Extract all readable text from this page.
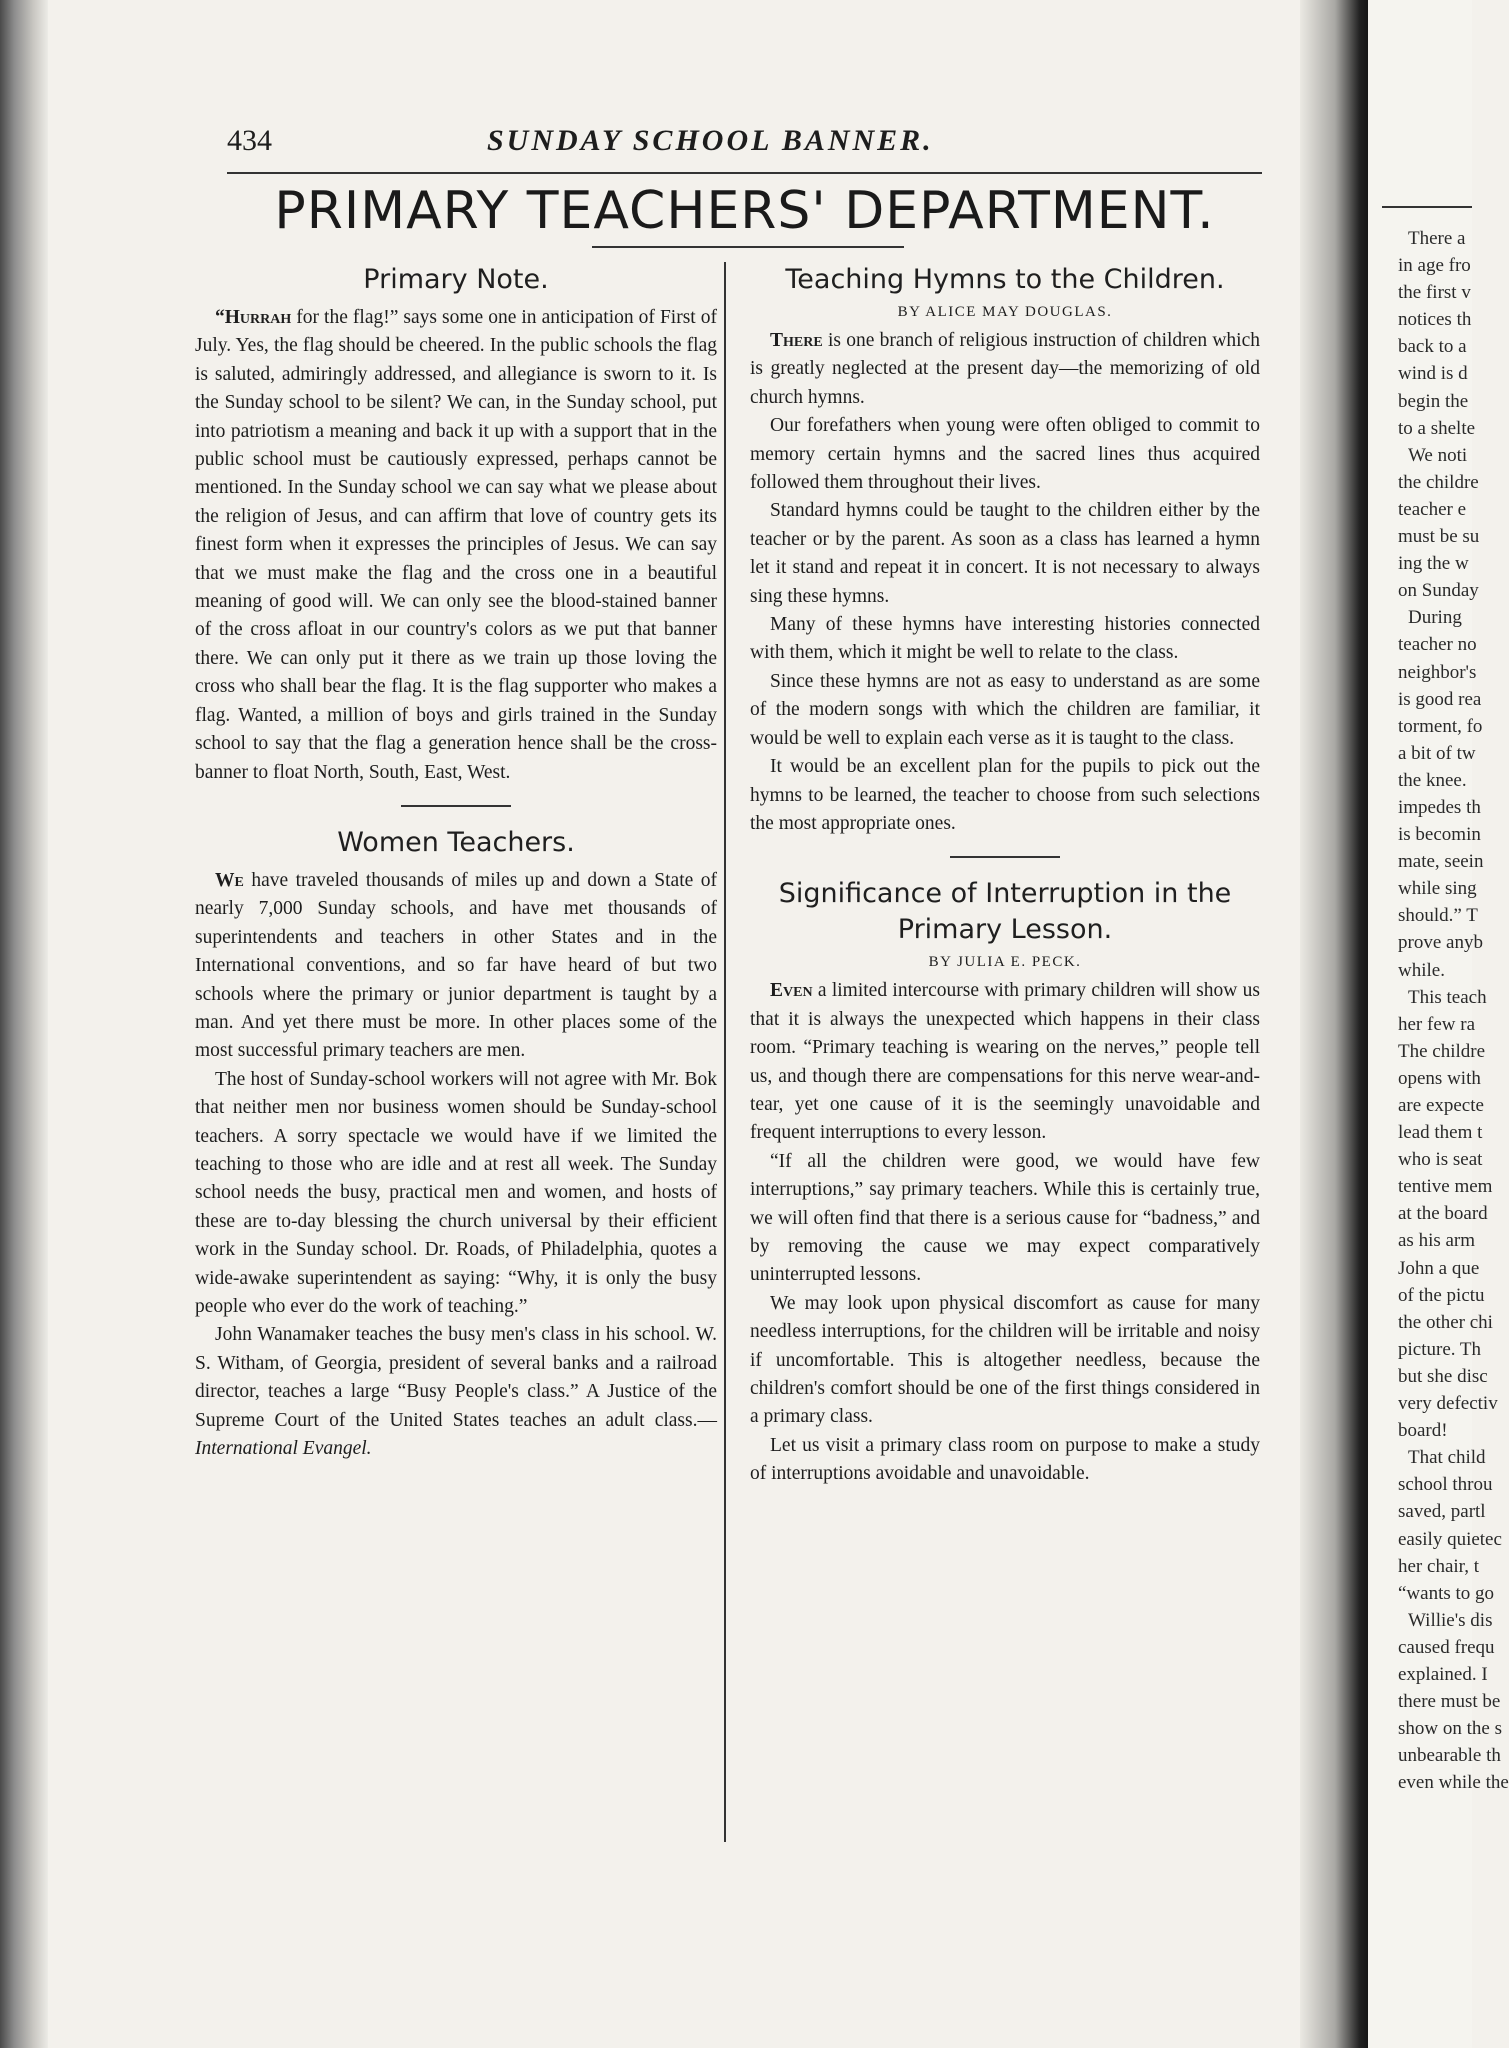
434	SUNDAY SCHOOL BANNER.
PRIMARY TEACHERS' DEPARTMENT.
Primary Note.

“Hurrah for the flag!” says some one in anticipation of First of July. Yes, the flag should be cheered. In the public schools the flag is saluted, admiringly addressed, and allegiance is sworn to it. Is the Sunday school to be silent? We can, in the Sunday school, put into patriotism a meaning and back it up with a support that in the public school must be cautiously expressed, perhaps cannot be mentioned. In the Sunday school we can say what we please about the religion of Jesus, and can affirm that love of country gets its finest form when it expresses the principles of Jesus. We can say that we must make the flag and the cross one in a beautiful meaning of good will. We can only see the blood-stained banner of the cross afloat in our country's colors as we put that banner there. We can only put it there as we train up those loving the cross who shall bear the flag. It is the flag supporter who makes a flag. Wanted, a million of boys and girls trained in the Sunday school to say that the flag a generation hence shall be the cross-banner to float North, South, East, West.

Women Teachers.

We have traveled thousands of miles up and down a State of nearly 7,000 Sunday schools, and have met thousands of superintendents and teachers in other States and in the International conventions, and so far have heard of but two schools where the primary or junior department is taught by a man. And yet there must be more. In other places some of the most successful primary teachers are men.

The host of Sunday-school workers will not agree with Mr. Bok that neither men nor business women should be Sunday-school teachers. A sorry spectacle we would have if we limited the teaching to those who are idle and at rest all week. The Sunday school needs the busy, practical men and women, and hosts of these are to-day blessing the church universal by their efficient work in the Sunday school. Dr. Roads, of Philadelphia, quotes a wide-awake superintendent as saying: “Why, it is only the busy people who ever do the work of teaching.”

John Wanamaker teaches the busy men's class in his school. W. S. Witham, of Georgia, president of several banks and a railroad director, teaches a large “Busy People's class.” A Justice of the Supreme Court of the United States teaches an adult class.—International Evangel.

Teaching Hymns to the Children.
BY ALICE MAY DOUGLAS.

There is one branch of religious instruction of children which is greatly neglected at the present day—the memorizing of old church hymns.

Our forefathers when young were often obliged to commit to memory certain hymns and the sacred lines thus acquired followed them throughout their lives.

Standard hymns could be taught to the children either by the teacher or by the parent. As soon as a class has learned a hymn let it stand and repeat it in concert. It is not necessary to always sing these hymns.

Many of these hymns have interesting histories connected with them, which it might be well to relate to the class.

Since these hymns are not as easy to understand as are some of the modern songs with which the children are familiar, it would be well to explain each verse as it is taught to the class.

It would be an excellent plan for the pupils to pick out the hymns to be learned, the teacher to choose from such selections the most appropriate ones.

Significance of Interruption in the
Primary Lesson.
BY JULIA E. PECK.

Even a limited intercourse with primary children will show us that it is always the unexpected which happens in their class room. “Primary teaching is wearing on the nerves,” people tell us, and though there are compensations for this nerve wear-and-tear, yet one cause of it is the seemingly unavoidable and frequent interruptions to every lesson.

“If all the children were good, we would have few interruptions,” say primary teachers. While this is certainly true, we will often find that there is a serious cause for “badness,” and by removing the cause we may expect comparatively uninterrupted lessons.

We may look upon physical discomfort as cause for many needless interruptions, for the children will be irritable and noisy if uncomfortable. This is altogether needless, because the children's comfort should be one of the first things considered in a primary class.

Let us visit a primary class room on purpose to make a study of interruptions avoidable and unavoidable.

There a
in age fro
the first v
notices th
back to a
wind is d
begin the
to a shelte
We noti
the childre
teacher e
must be su
ing the w
on Sunday
During
teacher no
neighbor's
is good rea
torment, fo
a bit of tw
the knee.
impedes th
is becomin
mate, seein
while sing
should.” T
prove anyb
while.
This teach
her few ra
The childre
opens with
are expecte
lead them t
who is seat
tentive mem
at the board
as his arm
John a que
of the pictu
the other chi
picture. Th
but she disc
very defectiv
board!
That child
school throu
saved, partl
easily quietec
her chair, t
“wants to go
Willie's dis
caused frequ
explained. I
there must be
show on the s
unbearable th
even while the
